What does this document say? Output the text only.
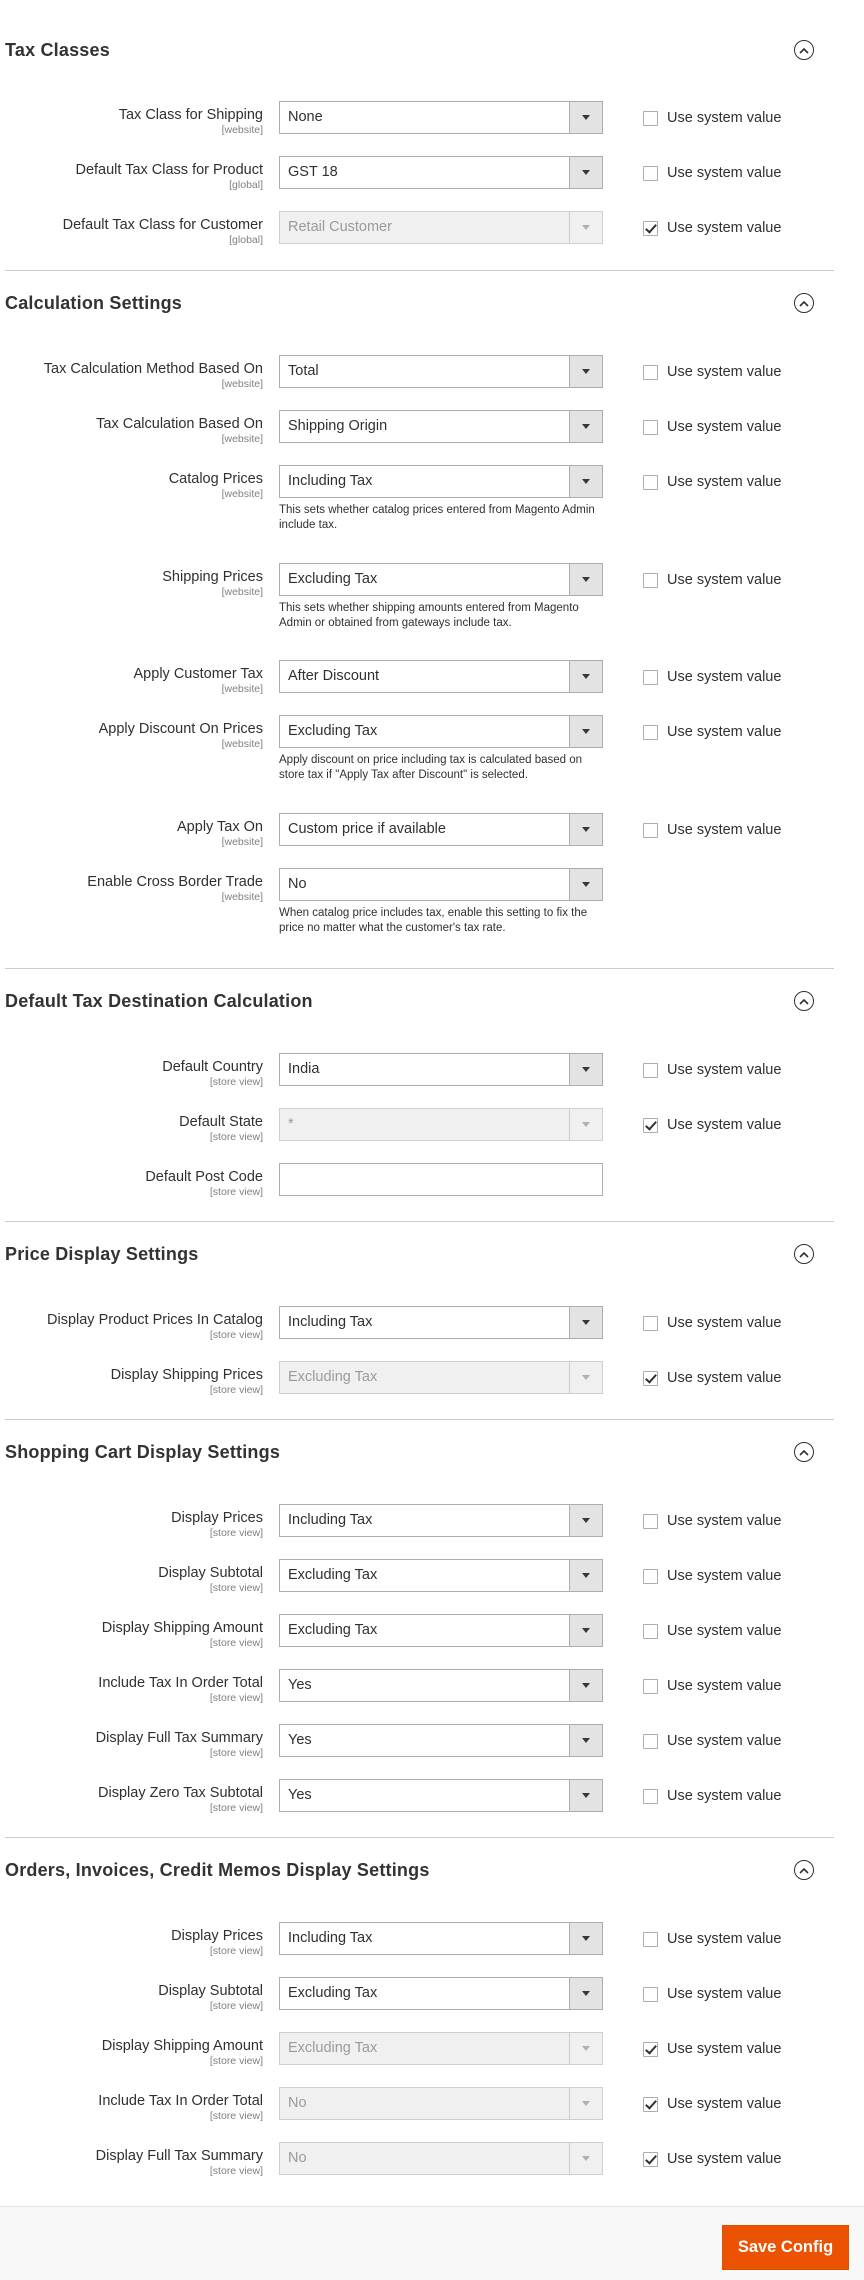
Tax Classes
Tax Class for Shipping
[website]
None	Use system value
Default Tax Class for Product
[global]
GST 18	Use system value
Default Tax Class for Customer
[global]
Retail Customer	Use system value
Calculation Settings
Tax Calculation Method Based On
[website]
Total	Use system value
Tax Calculation Based On
[website]
Shipping Origin	Use system value
Catalog Prices
[website]
Including Tax
This sets whether catalog prices entered from Magento Admin include tax.
Use system value
Shipping Prices
[website]
Excluding Tax
This sets whether shipping amounts entered from Magento Admin or obtained from gateways include tax.
Use system value
Apply Customer Tax
[website]
After Discount	Use system value
Apply Discount On Prices
[website]
Excluding Tax
Apply discount on price including tax is calculated based on store tax if "Apply Tax after Discount" is selected.
Use system value
Apply Tax On
[website]
Custom price if available	Use system value
Enable Cross Border Trade
[website]
No
When catalog price includes tax, enable this setting to fix the price no matter what the customer's tax rate.
Default Tax Destination Calculation
Default Country
[store view]
India	Use system value
Default State
[store view]
*	Use system value
Default Post Code
[store view]
Price Display Settings
Display Product Prices In Catalog
[store view]
Including Tax	Use system value
Display Shipping Prices
[store view]
Excluding Tax	Use system value
Shopping Cart Display Settings
Display Prices
[store view]
Including Tax	Use system value
Display Subtotal
[store view]
Excluding Tax	Use system value
Display Shipping Amount
[store view]
Excluding Tax	Use system value
Include Tax In Order Total
[store view]
Yes	Use system value
Display Full Tax Summary
[store view]
Yes	Use system value
Display Zero Tax Subtotal
[store view]
Yes	Use system value
Orders, Invoices, Credit Memos Display Settings
Display Prices
[store view]
Including Tax	Use system value
Display Subtotal
[store view]
Excluding Tax	Use system value
Display Shipping Amount
[store view]
Excluding Tax	Use system value
Include Tax In Order Total
[store view]
No	Use system value
Display Full Tax Summary
[store view]
No	Use system value
Save Config
